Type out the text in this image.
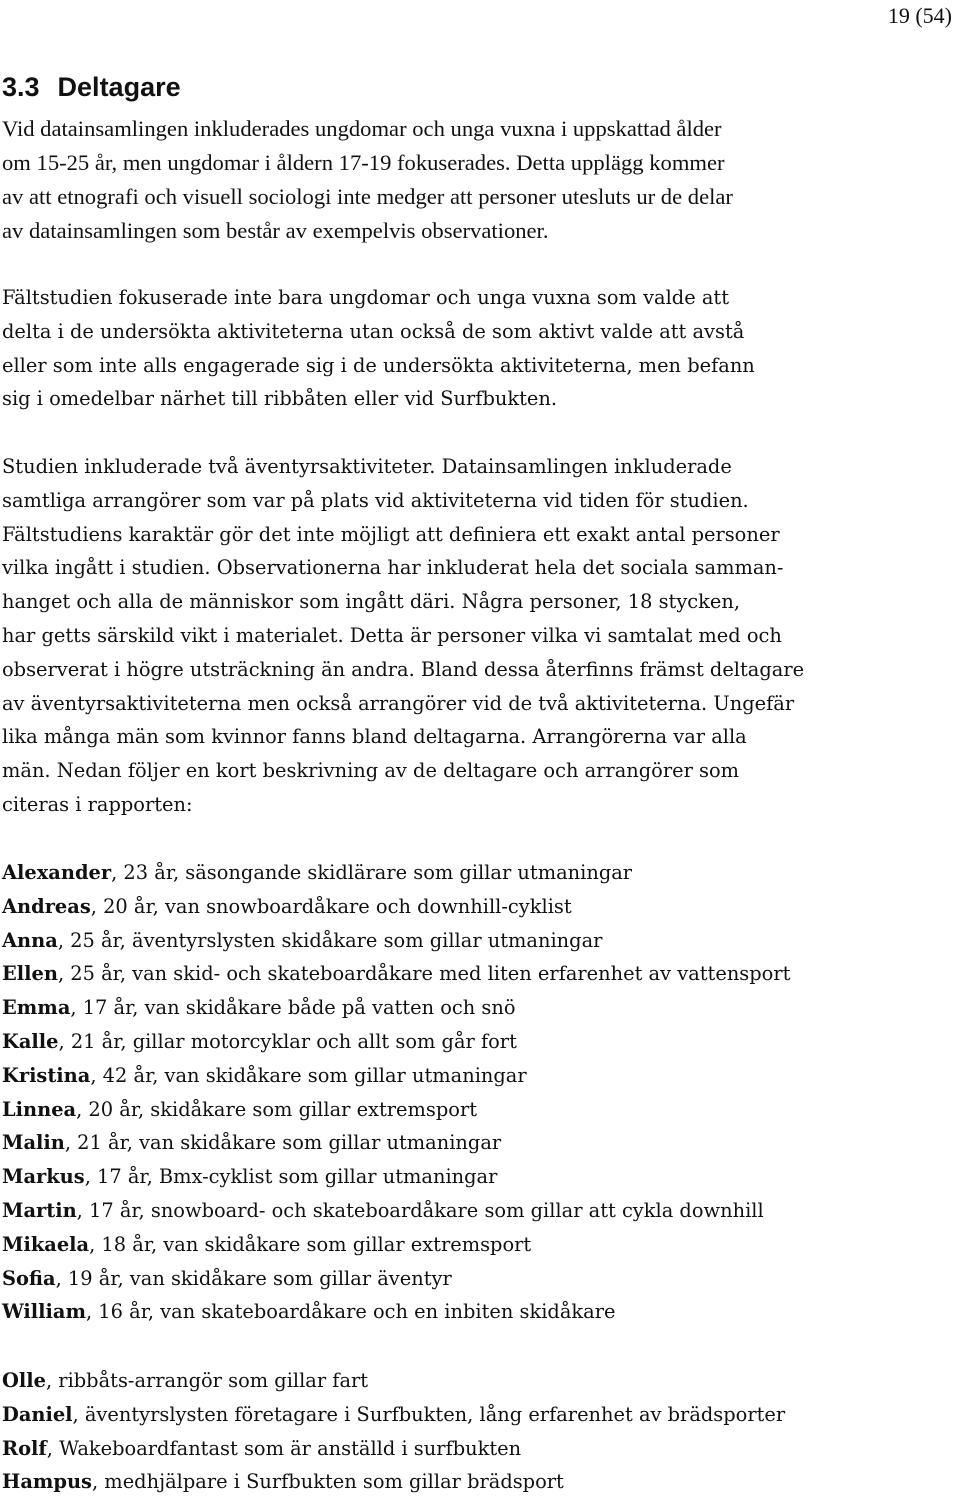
19 (54)
3.3 Deltagare

Vid datainsamlingen inkluderades ungdomar och unga vuxna i uppskattad ålder
om 15-25 år, men ungdomar i åldern 17-19 fokuserades. Detta upplägg kommer
av att etnografi och visuell sociologi inte medger att personer utesluts ur de delar
av datainsamlingen som består av exempelvis observationer.

Fältstudien fokuserade inte bara ungdomar och unga vuxna som valde att
delta i de undersökta aktiviteterna utan också de som aktivt valde att avstå
eller som inte alls engagerade sig i de undersökta aktiviteterna, men befann
sig i omedelbar närhet till ribbåten eller vid Surfbukten.

Studien inkluderade två äventyrsaktiviteter. Datainsamlingen inkluderade
samtliga arrangörer som var på plats vid aktiviteterna vid tiden för studien.
Fältstudiens karaktär gör det inte möjligt att definiera ett exakt antal personer
vilka ingått i studien. Observationerna har inkluderat hela det sociala samman-
hanget och alla de människor som ingått däri. Några personer, 18 stycken,
har getts särskild vikt i materialet. Detta är personer vilka vi samtalat med och
observerat i högre utsträckning än andra. Bland dessa återfinns främst deltagare
av äventyrsaktiviteterna men också arrangörer vid de två aktiviteterna. Ungefär
lika många män som kvinnor fanns bland deltagarna. Arrangörerna var alla
män. Nedan följer en kort beskrivning av de deltagare och arrangörer som
citeras i rapporten:

Alexander, 23 år, säsongande skidlärare som gillar utmaningar
Andreas, 20 år, van snowboardåkare och downhill-cyklist
Anna, 25 år, äventyrslysten skidåkare som gillar utmaningar
Ellen, 25 år, van skid- och skateboardåkare med liten erfarenhet av vattensport
Emma, 17 år, van skidåkare både på vatten och snö
Kalle, 21 år, gillar motorcyklar och allt som går fort
Kristina, 42 år, van skidåkare som gillar utmaningar
Linnea, 20 år, skidåkare som gillar extremsport
Malin, 21 år, van skidåkare som gillar utmaningar
Markus, 17 år, Bmx-cyklist som gillar utmaningar
Martin, 17 år, snowboard- och skateboardåkare som gillar att cykla downhill
Mikaela, 18 år, van skidåkare som gillar extremsport
Sofia, 19 år, van skidåkare som gillar äventyr
William, 16 år, van skateboardåkare och en inbiten skidåkare
Olle, ribbåts-arrangör som gillar fart
Daniel, äventyrslysten företagare i Surfbukten, lång erfarenhet av brädsporter
Rolf, Wakeboardfantast som är anställd i surfbukten
Hampus, medhjälpare i Surfbukten som gillar brädsport
